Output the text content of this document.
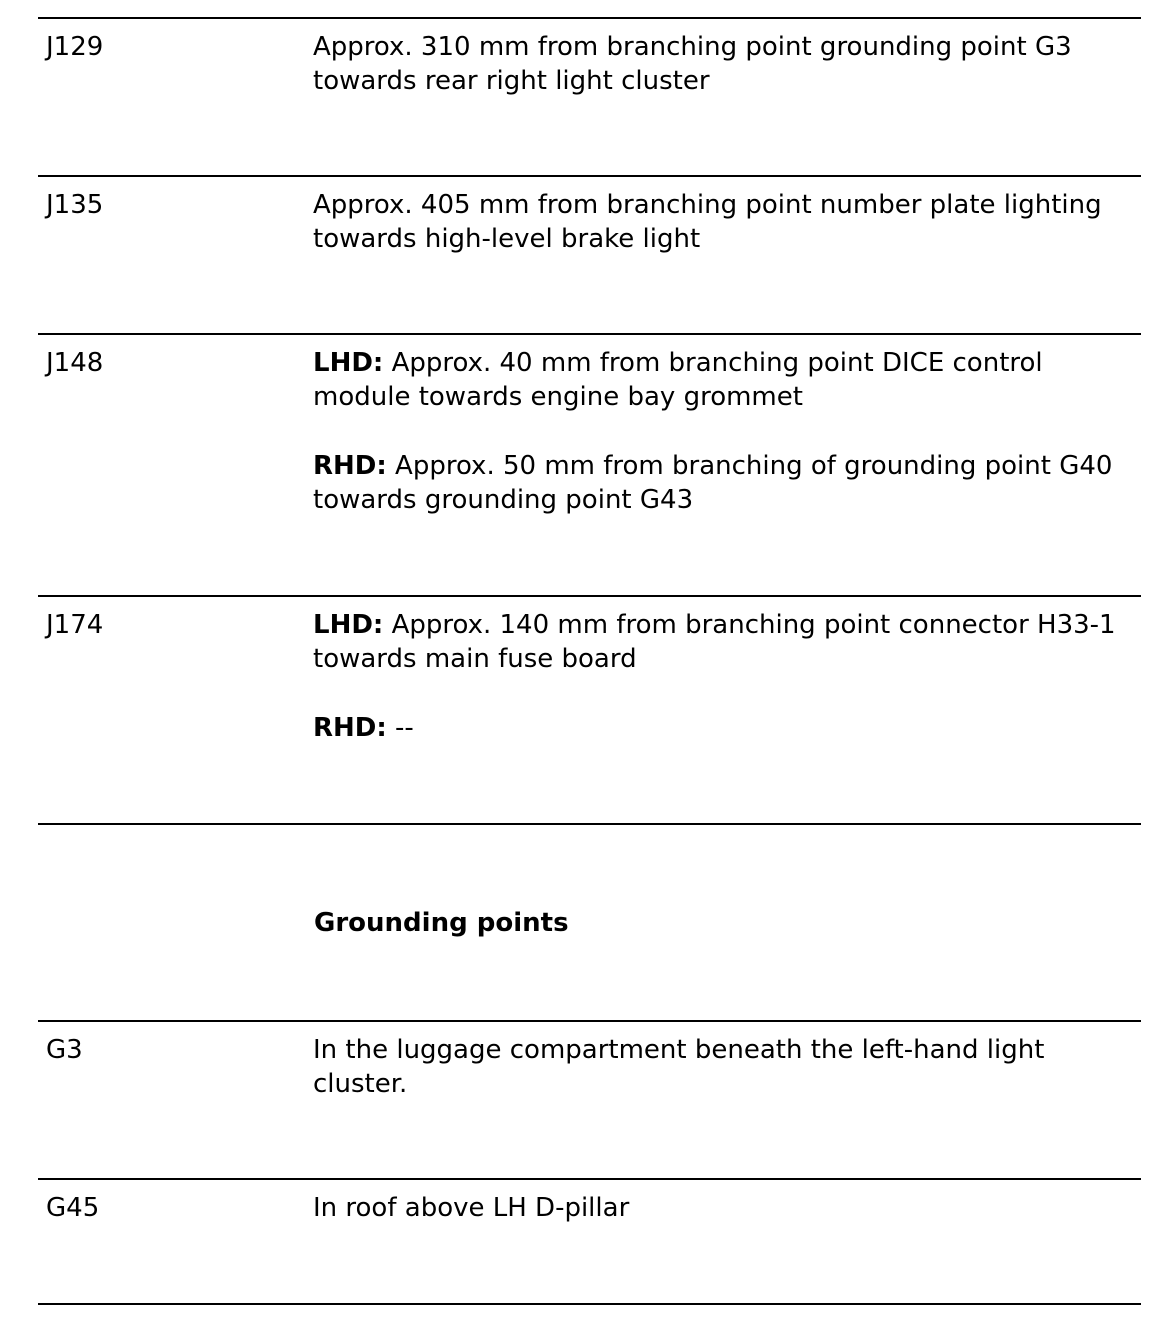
J129	Approx. 310 mm from branching point grounding point G3 towards rear right light cluster

J135	Approx. 405 mm from branching point number plate lighting towards high-level brake light

J148	LHD: Approx. 40 mm from branching point DICE control module towards engine bay grommet

RHD: Approx. 50 mm from branching of grounding point G40 towards grounding point G43

J174	LHD: Approx. 140 mm from branching point connector H33-1 towards main fuse board

RHD: --

Grounding points
G3	In the luggage compartment beneath the left-hand light cluster.

G45	In roof above LH D-pillar
